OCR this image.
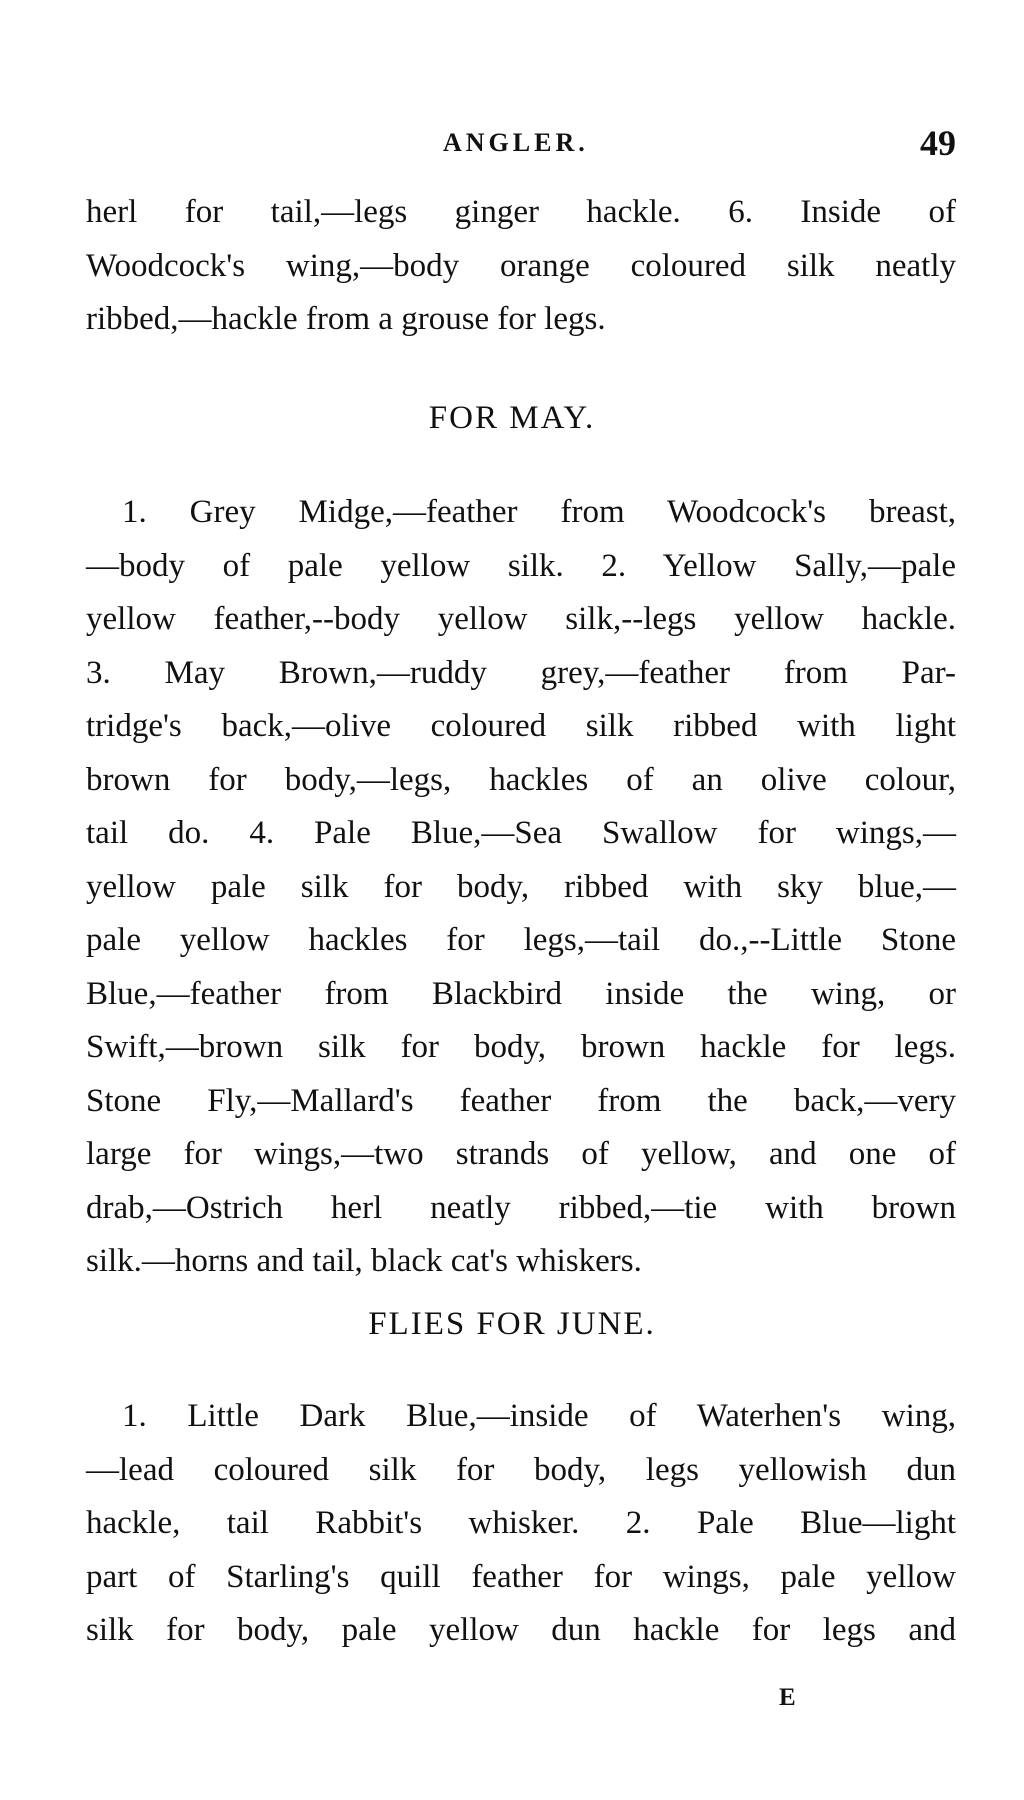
ANGLER.	49
herl for tail,—legs ginger hackle. 6. Inside of
Woodcock's wing,—body orange coloured silk neatly
ribbed,—hackle from a grouse for legs.
FOR MAY.
1. Grey Midge,—feather from Woodcock's breast,
—body of pale yellow silk. 2. Yellow Sally,—pale
yellow feather,--body yellow silk,--legs yellow hackle.
3. May Brown,—ruddy grey,—feather from Par-
tridge's back,—olive coloured silk ribbed with light
brown for body,—legs, hackles of an olive colour,
tail do. 4. Pale Blue,—Sea Swallow for wings,—
yellow pale silk for body, ribbed with sky blue,—
pale yellow hackles for legs,—tail do.,--Little Stone
Blue,—feather from Blackbird inside the wing, or
Swift,—brown silk for body, brown hackle for legs.
Stone Fly,—Mallard's feather from the back,—very
large for wings,—two strands of yellow, and one of
drab,—Ostrich herl neatly ribbed,—tie with brown
silk.—horns and tail, black cat's whiskers.
FLIES FOR JUNE.
1. Little Dark Blue,—inside of Waterhen's wing,
—lead coloured silk for body, legs yellowish dun
hackle, tail Rabbit's whisker. 2. Pale Blue—light
part of Starling's quill feather for wings, pale yellow
silk for body, pale yellow dun hackle for legs and
E
